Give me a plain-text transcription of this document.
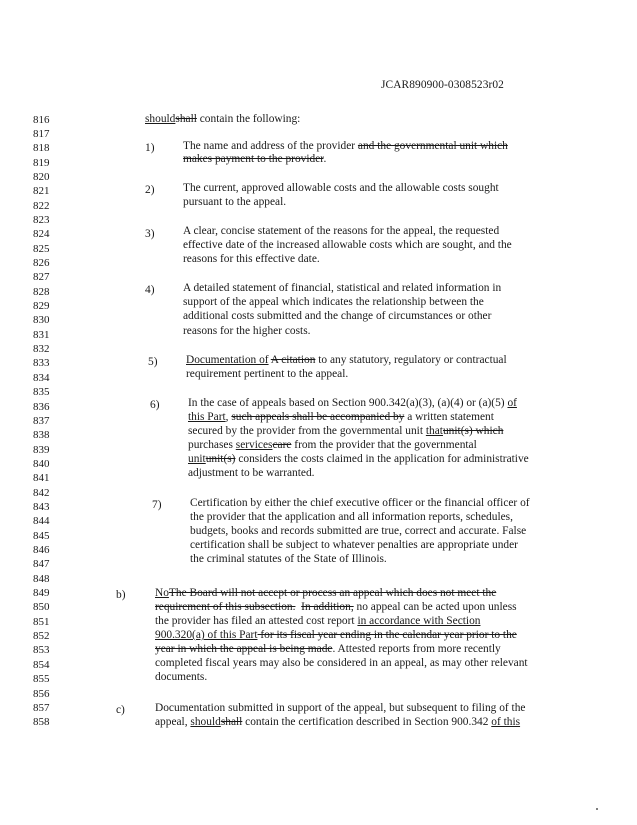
JCAR890900-0308523r02
816
817
818
819
820
821
822
823
824
825
826
827
828
829
830
831
832
833
834
835
836
837
838
839
840
841
842
843
844
845
846
847
848
849
850
851
852
853
854
855
856
857
858
shouldshall contain the following:
1)	The name and address of the provider and the governmental unit which
makes payment to the provider.
2)	The current, approved allowable costs and the allowable costs sought
pursuant to the appeal.
3)	A clear, concise statement of the reasons for the appeal, the requested
effective date of the increased allowable costs which are sought, and the
reasons for this effective date.
4)	A detailed statement of financial, statistical and related information in
support of the appeal which indicates the relationship between the
additional costs submitted and the change of circumstances or other
reasons for the higher costs.
5)	Documentation of A citation to any statutory, regulatory or contractual
requirement pertinent to the appeal.
6)	In the case of appeals based on Section 900.342(a)(3), (a)(4) or (a)(5) of
this Part, such appeals shall be accompanied by a written statement
secured by the provider from the governmental unit thatunit(s) which
purchases servicescare from the provider that the governmental
unitunit(s) considers the costs claimed in the application for administrative
adjustment to be warranted.
7)	Certification by either the chief executive officer or the financial officer of
the provider that the application and all information reports, schedules,
budgets, books and records submitted are true, correct and accurate. False
certification shall be subject to whatever penalties are appropriate under
the criminal statutes of the State of Illinois.
b)	NoThe Board will not accept or process an appeal which does not meet the
requirement of this subsection. In addition, no appeal can be acted upon unless
the provider has filed an attested cost report in accordance with Section
900.320(a) of this Part for its fiscal year ending in the calendar year prior to the
year in which the appeal is being made. Attested reports from more recently
completed fiscal years may also be considered in an appeal, as may other relevant
documents.
c)	Documentation submitted in support of the appeal, but subsequent to filing of the
appeal, shouldshall contain the certification described in Section 900.342 of this
